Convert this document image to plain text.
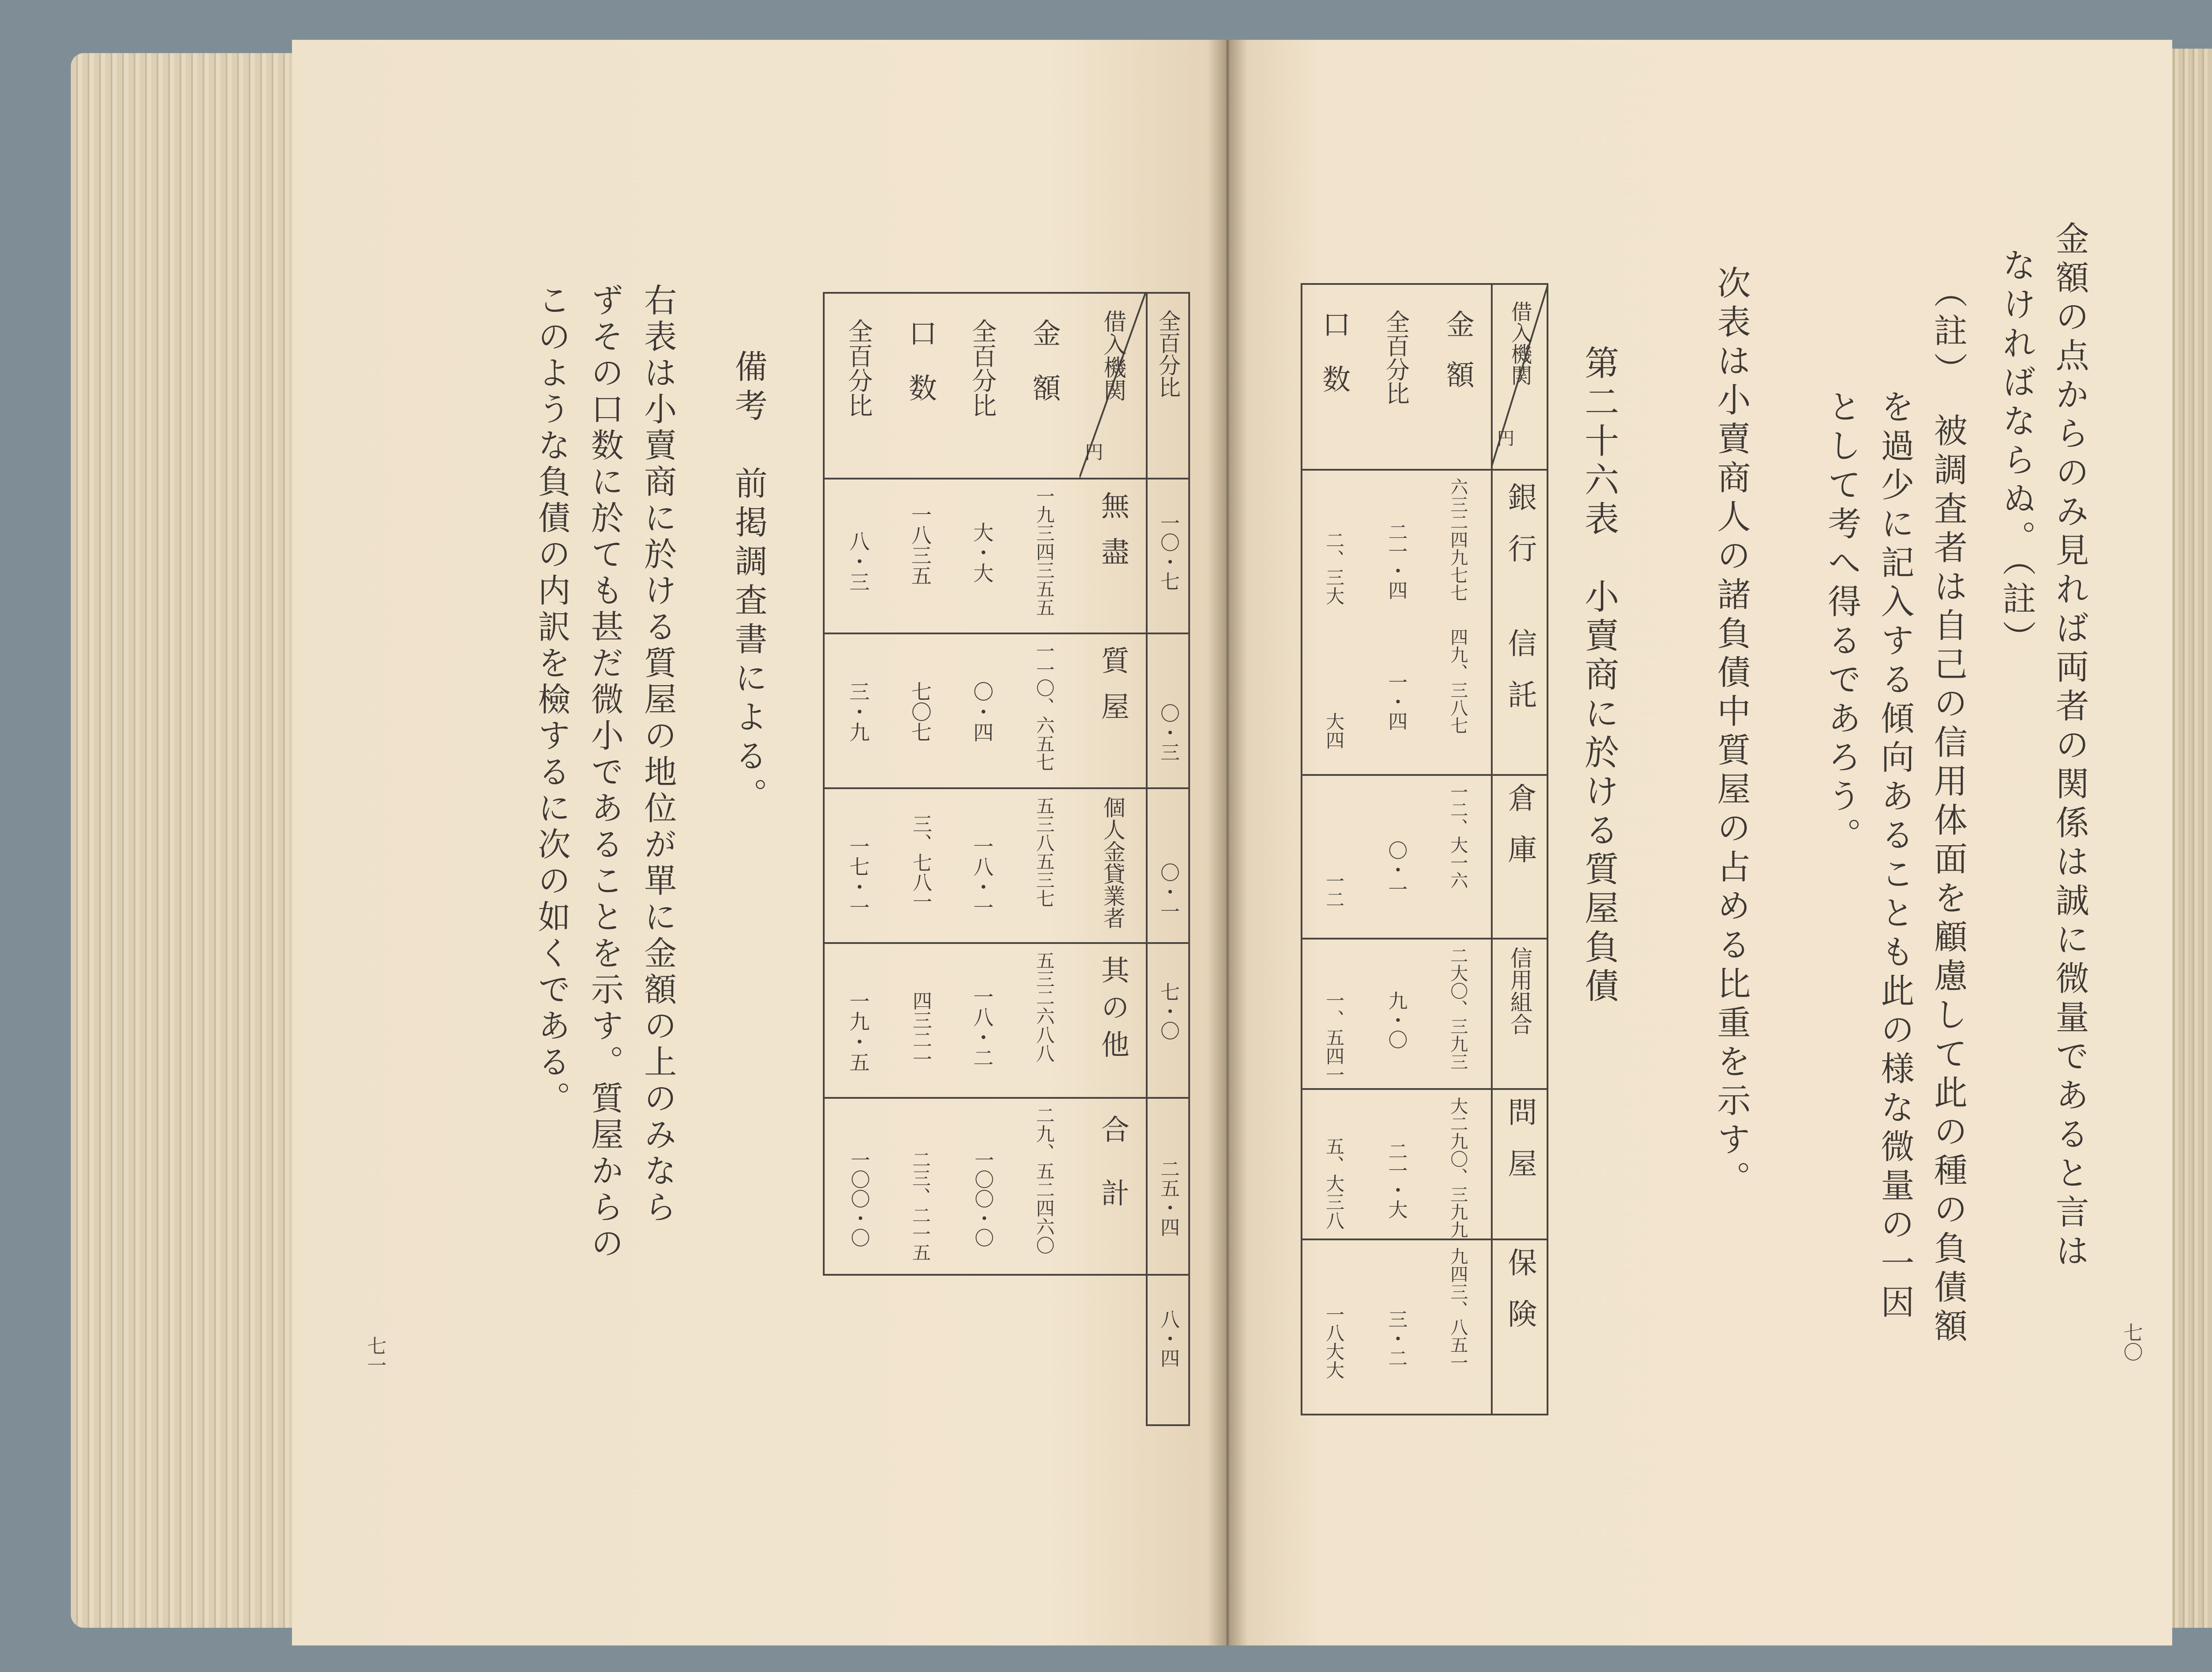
借入機関
円
全百分比
金額
全百分比
口数
全百分比
無盡
質屋
個人金貸業者
其の他
合計
一九三四三五五
大・大
一八三五
八・三
一一〇、六五七
〇・四
七〇七
三・九
五三八五三七
一八・一
三、七八一
一七・一
五三二六八八
一八・二
四三二一
一九・五
二九、五二四六〇
一〇〇・〇
二三、二一五
一〇〇・〇
一〇・七
〇・三
〇・一
七・〇
二五・四
八・四
備考　前掲調査書による。
右表は小賣商に於ける質屋の地位が單に金額の上のみなら
ずその口数に於ても甚だ微小であることを示す。質屋からの
このような負債の内訳を檢するに次の如くである。
七一
金額の点からのみ見れば両者の関係は誠に微量であると言は
なければならぬ。（註）
（註）　被調査者は自己の信用体面を顧慮して此の種の負債額
を過少に記入する傾向あることも此の様な微量の一因
として考へ得るであろう。
次表は小賣商人の諸負債中質屋の占める比重を示す。
第二十六表　小賣商に於ける質屋負債
七〇
借入機関
円
金額
全百分比
口数
銀行
信託
倉庫
信用組合
問屋
保険
六三二四九七七
二一・四
二、三大
四九、三八七
一・四
大四
一二、大一六
〇・一
一二
二大〇、三九三
九・〇
一、五四一
大二九〇、三九九
二一・大
五、大三八
九四三、八五一
三・二
一八大大
